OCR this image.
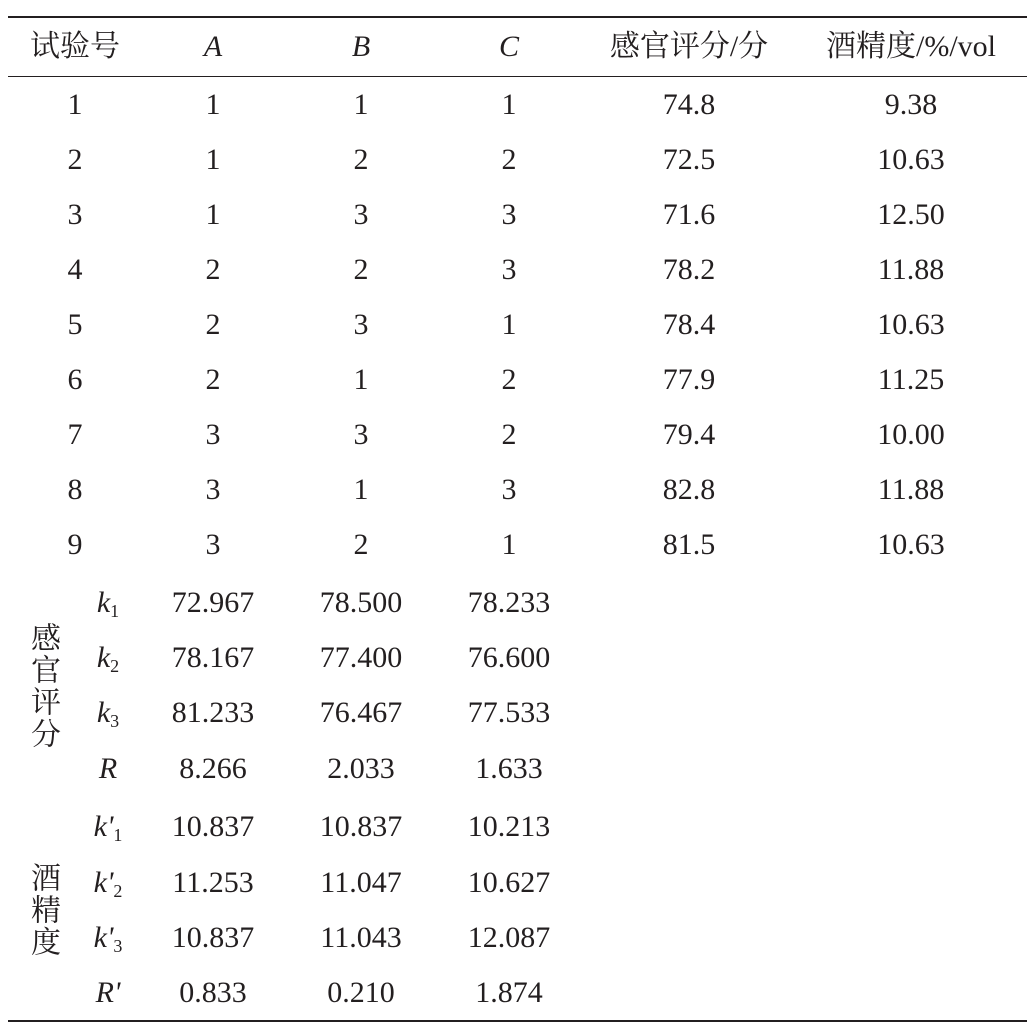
试验号	A	B	C	感官评分/分 酒精度/%/vol
感官评分
酒精度
1	1	1	1	74.8	9.38
2	1	2	2	72.5	10.63
3	1	3	3	71.6	12.50
4	2	2	3	78.2	11.88
5	2	3	1	78.4	10.63
6	2	1	2	77.9	11.25
7	3	3	2	79.4	10.00
8	3	1	3	82.8	11.88
9	3	2	1	81.5	10.63
$k_1$ 72.967 78.500 78.233
$k_2$ 78.167 77.400 76.600
$k_3$ 81.233 76.467 77.533
R 8.266	2.033	1.633
$k'_1$ 10.837 10.837 10.213
$k'_2$ 11.253 11.047 10.627
$k'_3$ 10.837 11.043 12.087
R' 0.833	0.210	1.874
